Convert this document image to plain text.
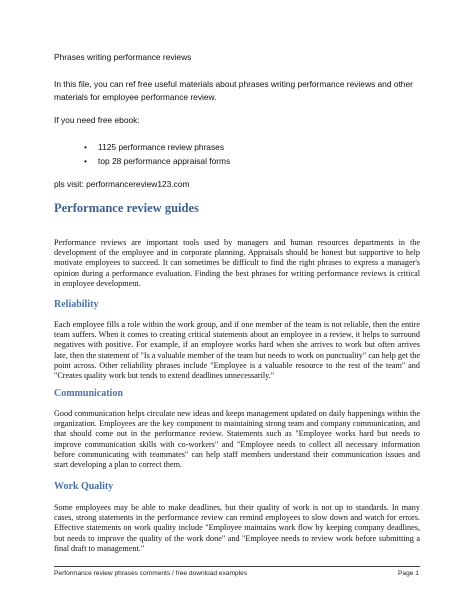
Phrases writing performance reviews
In this file, you can ref free useful materials about phrases writing performance reviews and other materials for employee performance review.
If you need free ebook:
• 1125 performance review phrases
• top 28 performance appraisal forms
pls visit: performancereview123.com
Performance review guides
Performance reviews are important tools used by managers and human resources departments in the development of the employee and in corporate planning. Appraisals should be honest but supportive to help motivate employees to succeed. It can sometimes be difficult to find the right phrases to express a manager's opinion during a performance evaluation. Finding the best phrases for writing performance reviews is critical in employee development.
Reliability
Each employee fills a role within the work group, and if one member of the team is not reliable, then the entire team suffers. When it comes to creating critical statements about an employee in a review, it helps to surround negatives with positive. For example, if an employee works hard when she arrives to work but often arrives late, then the statement of "Is a valuable member of the team but needs to work on punctuality" can help get the point across. Other reliability phrases include "Employee is a valuable resource to the rest of the team" and "Creates quality work but tends to extend deadlines unnecessarily."
Communication
Good communication helps circulate new ideas and keeps management updated on daily happenings within the organization. Employees are the key component to maintaining strong team and company communication, and that should come out in the performance review. Statements such as "Employee works hard but needs to improve communication skills with co-workers" and "Employee needs to collect all necessary information before communicating with teammates" can help staff members understand their communication issues and start developing a plan to correct them.
Work Quality
Some employees may be able to make deadlines, but their quality of work is not up to standards. In many cases, strong statements in the performance review can remind employees to slow down and watch for errors. Effective statements on work quality include "Employee maintains work flow by keeping company deadlines, but needs to improve the quality of the work done" and "Employee needs to review work before submitting a final draft to management."
Performance review phrases comments / free download examples	Page 1
